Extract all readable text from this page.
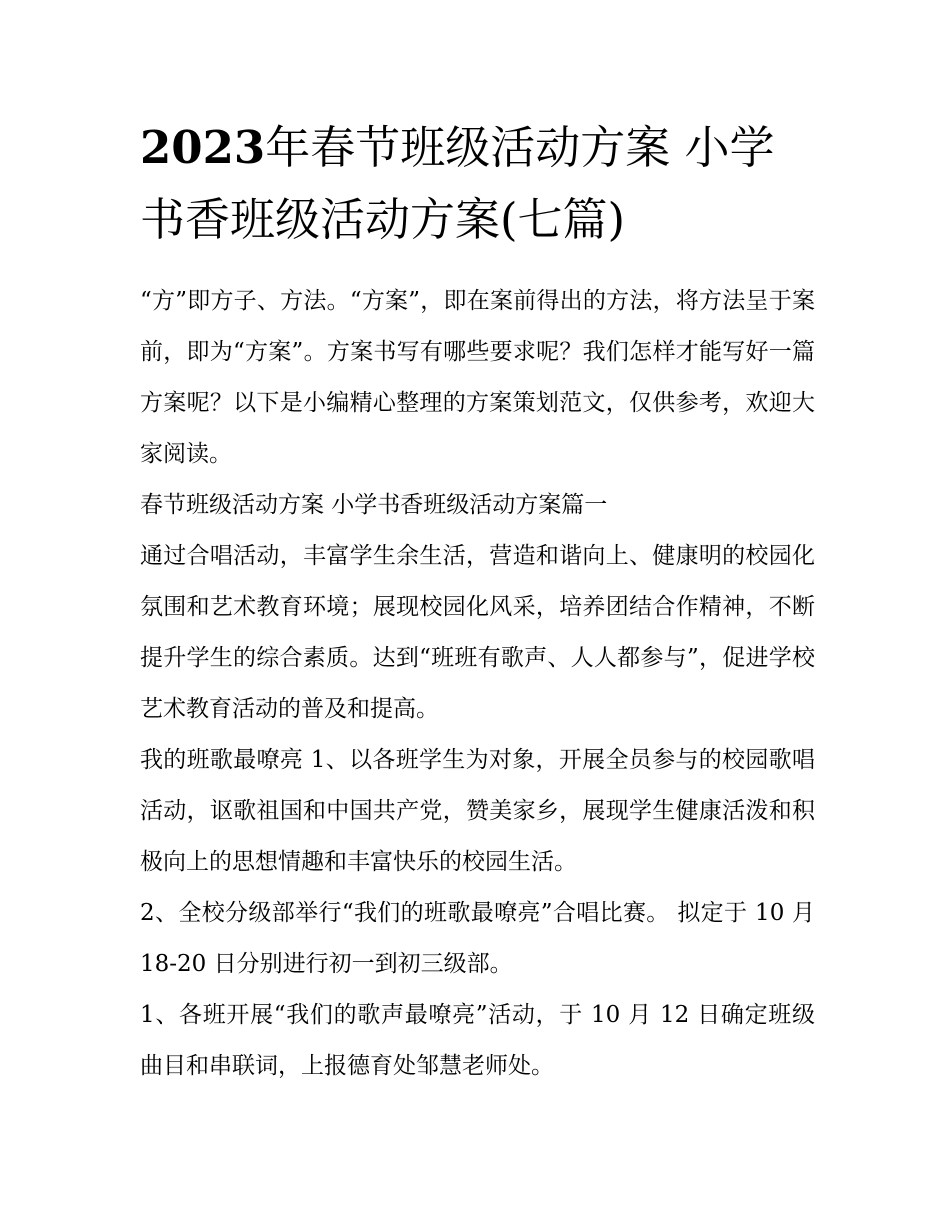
2023年春节班级活动方案 小学书香班级活动方案(七篇)

“方”即方子、方法。“方案”，即在案前得出的方法，将方法呈于案前，即为“方案”。方案书写有哪些要求呢？我们怎样才能写好一篇方案呢？以下是小编精心整理的方案策划范文，仅供参考，欢迎大家阅读。

春节班级活动方案 小学书香班级活动方案篇一

通过合唱活动，丰富学生余生活，营造和谐向上、健康明的校园化氛围和艺术教育环境；展现校园化风采，培养团结合作精神，不断提升学生的综合素质。达到“班班有歌声、人人都参与”，促进学校艺术教育活动的普及和提高。

我的班歌最嘹亮 1、以各班学生为对象，开展全员参与的校园歌唱活动，讴歌祖国和中国共产党，赞美家乡，展现学生健康活泼和积极向上的思想情趣和丰富快乐的校园生活。

2、全校分级部举行“我们的班歌最嘹亮”合唱比赛。 拟定于 10 月 18-20 日分别进行初一到初三级部。

1、各班开展“我们的歌声最嘹亮”活动，于 10 月 12 日确定班级曲目和串联词，上报德育处邹慧老师处。
